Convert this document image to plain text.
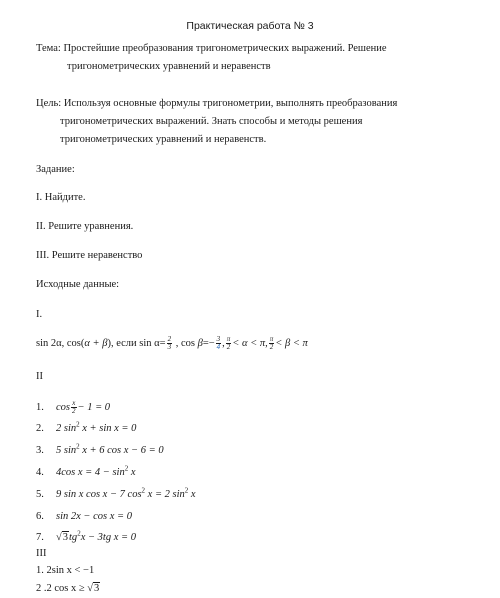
Практическая работа № 3
Тема: Простейшие преобразования тригонометрических выражений. Решение
тригонометрических уравнений и неравенств
Цель: Используя основные формулы тригонометрии, выполнять преобразования
тригонометрических выражений. Знать способы и методы решения
тригонометрических уравнений и неравенств.
Задание:
I. Найдите.
II. Решите уравнения.
III. Решите неравенство
Исходные данные:
I.
sin 2α, cos(α + β), если $\sin \alpha= \frac{2}{3}$ , $\cos \beta=- \frac{3}{4}$ , $\frac{\pi}{2} < \alpha < \pi$, $\frac{\pi}{2} < \beta < \pi$
II
1. $\cos \frac{x}{2} - 1 = 0$
2. 2 $\sin^2 x + \sin x = 0$
3. 5 $\sin^2 x + 6$ cos x − 6 = 0
4. 4cos $x = 4 - \sin^2 x$
5. 9 sin x cos x − 7 $\cos^2 x = 2$ $\sin^2 x$
6. sin 2x − cos x = 0
7. $√3tg^2x - 3tg$ x = 0
III
1. 2sin x < −1
2 .2 cos x ≥ √3
